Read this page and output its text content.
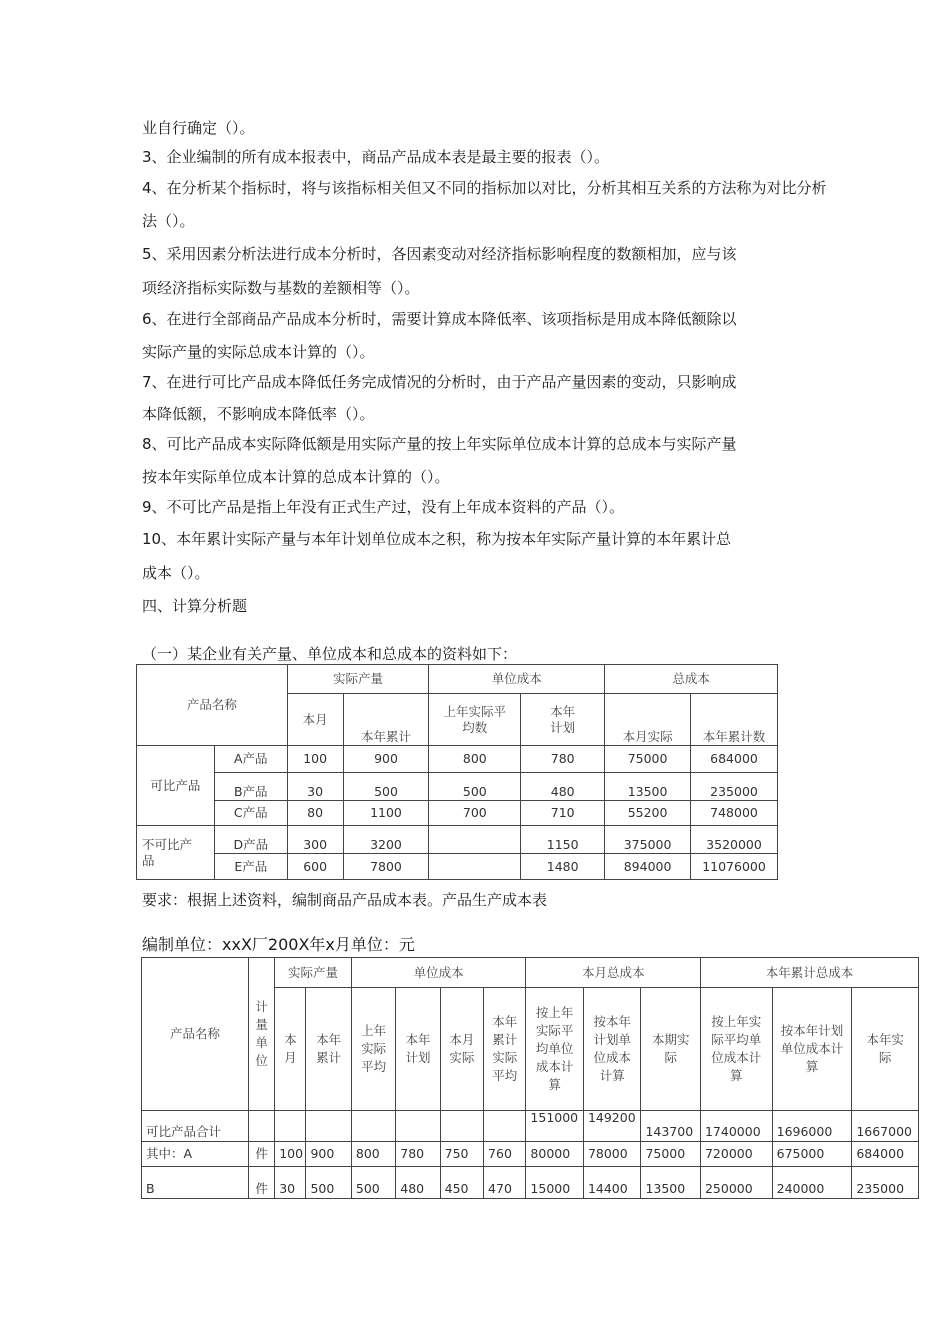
业自行确定（）。
3、企业编制的所有成本报表中，商品产品成本表是最主要的报表（）。
4、在分析某个指标时，将与该指标相关但又不同的指标加以对比，分析其相互关系的方法称为对比分析
法（）。
5、采用因素分析法进行成本分析时，各因素变动对经济指标影响程度的数额相加，应与该
项经济指标实际数与基数的差额相等（）。
6、在进行全部商品产品成本分析时，需要计算成本降低率、该项指标是用成本降低额除以
实际产量的实际总成本计算的（）。
7、在进行可比产品成本降低任务完成情况的分析时，由于产品产量因素的变动，只影响成
本降低额，不影响成本降低率（）。
8、可比产品成本实际降低额是用实际产量的按上年实际单位成本计算的总成本与实际产量
按本年实际单位成本计算的总成本计算的（）。
9、不可比产品是指上年没有正式生产过，没有上年成本资料的产品（）。
10、本年累计实际产量与本年计划单位成本之积，称为按本年实际产量计算的本年累计总
成本（）。
四、计算分析题
（一）某企业有关产量、单位成本和总成本的资料如下：
产品名称		实际产量		单位成本		总成本	
		本月	本年累计	上年实际平均数	本年计划	本月实际	本年累计数
可比产品	A产品	100	900	800	780	75000	684000
	B产品	30	500	500	480	13500	235000
	C产品	80	1100	700	710	55200	748000
不可比产品	D产品	300	3200		1150	375000	3520000
	E产品	600	7800		1480	894000	11076000
要求：根据上述资料，编制商品产品成本表。产品生产成本表
编制单位：xxX厂200X年x月单位：元
产品名称	计量单位	实际产量		单位成本				本月总成本			本年累计总成本		
		本月	本年累计	上年实际平均	本年计划	本月实际	本年累计实际平均	按上年实际平均单位成本计算	按本年计划单位成本计算	本期实际	按上年实际平均单位成本计算	按本年计划单位成本计算	本年实际
可比产品合计								151000	149200	143700	1740000	1696000	1667000
其中：A	件	100	900	800	780	750	760	80000	78000	75000	720000	675000	684000
B	件	30	500	500	480	450	470	15000	14400	13500	250000	240000	235000
